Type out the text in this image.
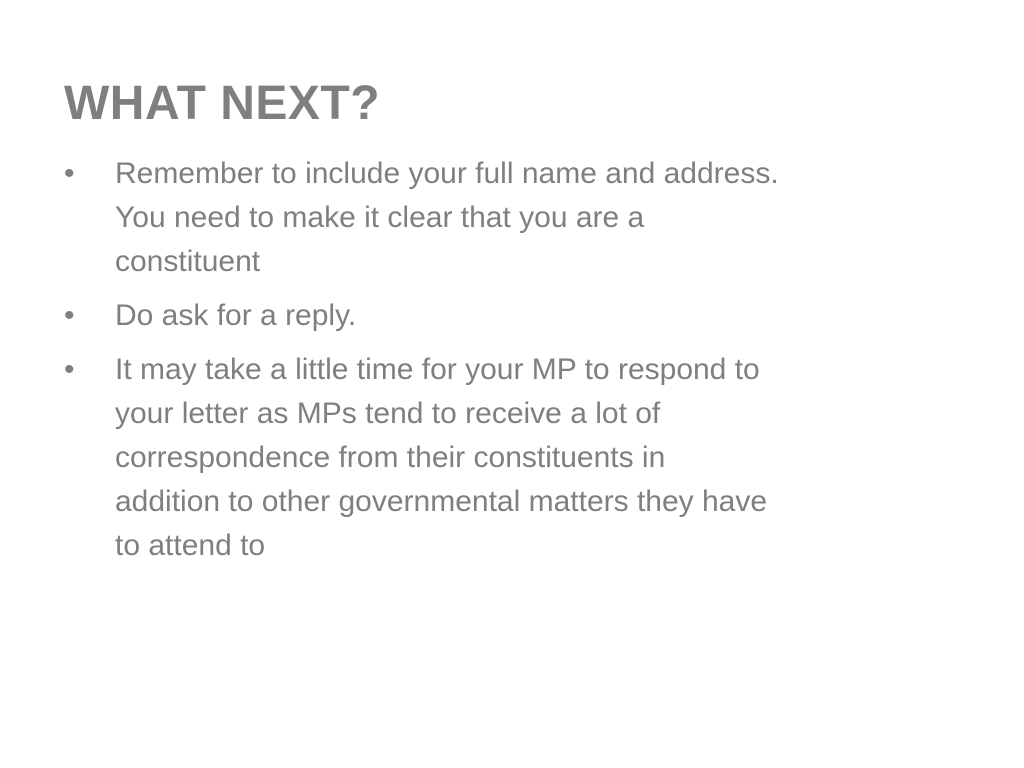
WHAT NEXT?
•	Remember to include your full name and address.
You need to make it clear that you are a
constituent
•	Do ask for a reply.
•	It may take a little time for your MP to respond to
your letter as MPs tend to receive a lot of
correspondence from their constituents in
addition to other governmental matters they have
to attend to
